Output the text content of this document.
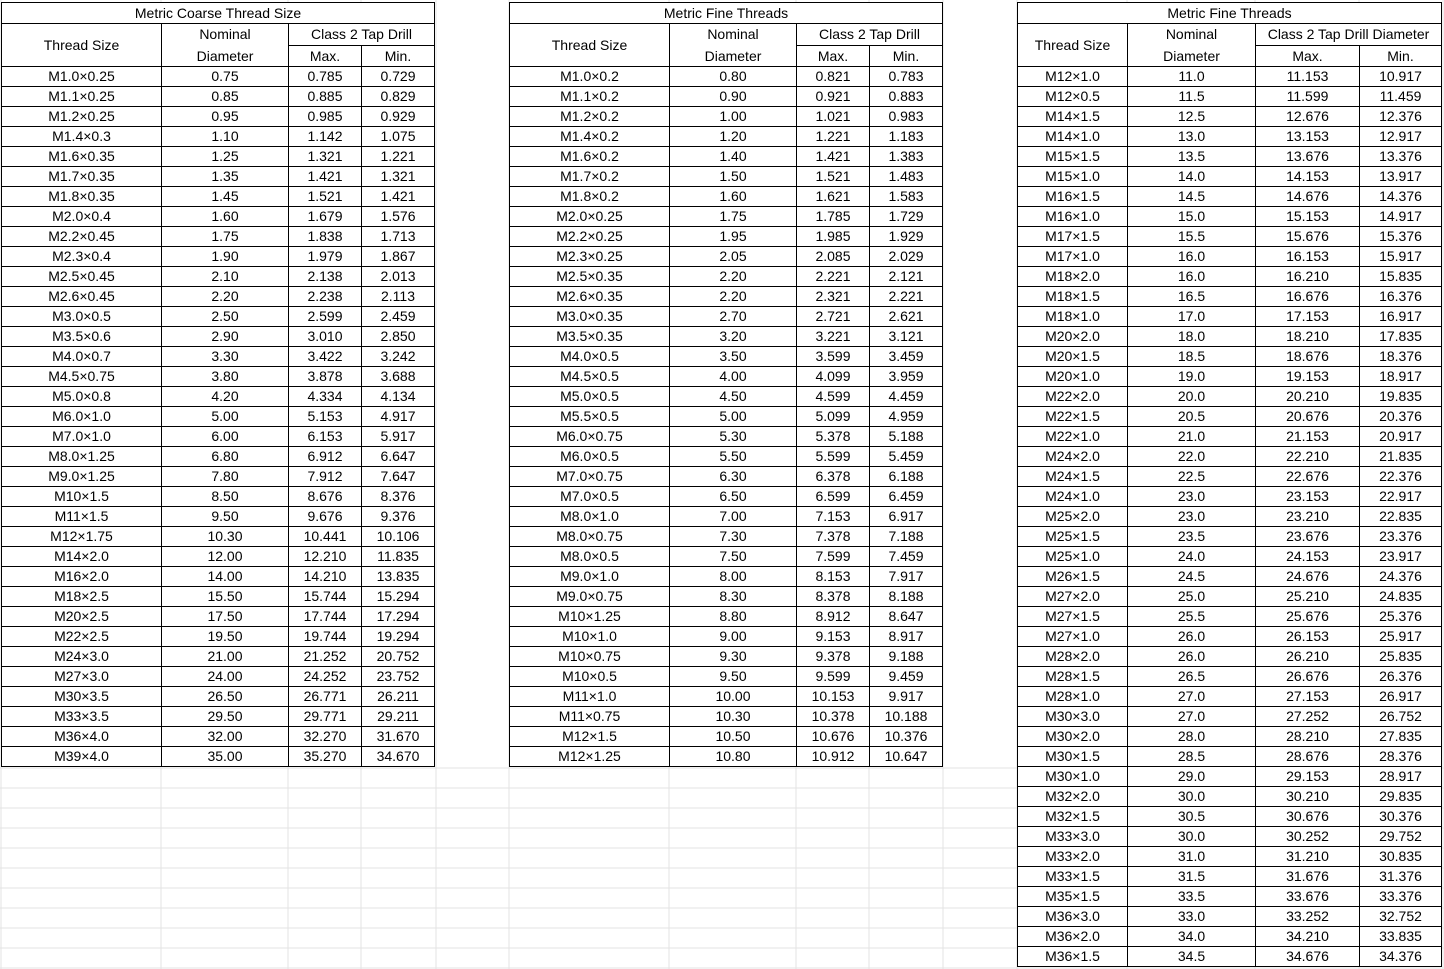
Metric Coarse Thread Size			
Thread Size	Nominal	Class 2 Tap Drill	
	Diameter	Max.	Min.
M1.0×0.25	0.75	0.785	0.729
M1.1×0.25	0.85	0.885	0.829
M1.2×0.25	0.95	0.985	0.929
M1.4×0.3	1.10	1.142	1.075
M1.6×0.35	1.25	1.321	1.221
M1.7×0.35	1.35	1.421	1.321
M1.8×0.35	1.45	1.521	1.421
M2.0×0.4	1.60	1.679	1.576
M2.2×0.45	1.75	1.838	1.713
M2.3×0.4	1.90	1.979	1.867
M2.5×0.45	2.10	2.138	2.013
M2.6×0.45	2.20	2.238	2.113
M3.0×0.5	2.50	2.599	2.459
M3.5×0.6	2.90	3.010	2.850
M4.0×0.7	3.30	3.422	3.242
M4.5×0.75	3.80	3.878	3.688
M5.0×0.8	4.20	4.334	4.134
M6.0×1.0	5.00	5.153	4.917
M7.0×1.0	6.00	6.153	5.917
M8.0×1.25	6.80	6.912	6.647
M9.0×1.25	7.80	7.912	7.647
M10×1.5	8.50	8.676	8.376
M11×1.5	9.50	9.676	9.376
M12×1.75	10.30	10.441	10.106
M14×2.0	12.00	12.210	11.835
M16×2.0	14.00	14.210	13.835
M18×2.5	15.50	15.744	15.294
M20×2.5	17.50	17.744	17.294
M22×2.5	19.50	19.744	19.294
M24×3.0	21.00	21.252	20.752
M27×3.0	24.00	24.252	23.752
M30×3.5	26.50	26.771	26.211
M33×3.5	29.50	29.771	29.211
M36×4.0	32.00	32.270	31.670
M39×4.0	35.00	35.270	34.670
Metric Fine Threads			
Thread Size	Nominal	Class 2 Tap Drill	
	Diameter	Max.	Min.
M1.0×0.2	0.80	0.821	0.783
M1.1×0.2	0.90	0.921	0.883
M1.2×0.2	1.00	1.021	0.983
M1.4×0.2	1.20	1.221	1.183
M1.6×0.2	1.40	1.421	1.383
M1.7×0.2	1.50	1.521	1.483
M1.8×0.2	1.60	1.621	1.583
M2.0×0.25	1.75	1.785	1.729
M2.2×0.25	1.95	1.985	1.929
M2.3×0.25	2.05	2.085	2.029
M2.5×0.35	2.20	2.221	2.121
M2.6×0.35	2.20	2.321	2.221
M3.0×0.35	2.70	2.721	2.621
M3.5×0.35	3.20	3.221	3.121
M4.0×0.5	3.50	3.599	3.459
M4.5×0.5	4.00	4.099	3.959
M5.0×0.5	4.50	4.599	4.459
M5.5×0.5	5.00	5.099	4.959
M6.0×0.75	5.30	5.378	5.188
M6.0×0.5	5.50	5.599	5.459
M7.0×0.75	6.30	6.378	6.188
M7.0×0.5	6.50	6.599	6.459
M8.0×1.0	7.00	7.153	6.917
M8.0×0.75	7.30	7.378	7.188
M8.0×0.5	7.50	7.599	7.459
M9.0×1.0	8.00	8.153	7.917
M9.0×0.75	8.30	8.378	8.188
M10×1.25	8.80	8.912	8.647
M10×1.0	9.00	9.153	8.917
M10×0.75	9.30	9.378	9.188
M10×0.5	9.50	9.599	9.459
M11×1.0	10.00	10.153	9.917
M11×0.75	10.30	10.378	10.188
M12×1.5	10.50	10.676	10.376
M12×1.25	10.80	10.912	10.647
Metric Fine Threads			
Thread Size	Nominal	Class 2 Tap Drill Diameter	
	Diameter	Max.	Min.
M12×1.0	11.0	11.153	10.917
M12×0.5	11.5	11.599	11.459
M14×1.5	12.5	12.676	12.376
M14×1.0	13.0	13.153	12.917
M15×1.5	13.5	13.676	13.376
M15×1.0	14.0	14.153	13.917
M16×1.5	14.5	14.676	14.376
M16×1.0	15.0	15.153	14.917
M17×1.5	15.5	15.676	15.376
M17×1.0	16.0	16.153	15.917
M18×2.0	16.0	16.210	15.835
M18×1.5	16.5	16.676	16.376
M18×1.0	17.0	17.153	16.917
M20×2.0	18.0	18.210	17.835
M20×1.5	18.5	18.676	18.376
M20×1.0	19.0	19.153	18.917
M22×2.0	20.0	20.210	19.835
M22×1.5	20.5	20.676	20.376
M22×1.0	21.0	21.153	20.917
M24×2.0	22.0	22.210	21.835
M24×1.5	22.5	22.676	22.376
M24×1.0	23.0	23.153	22.917
M25×2.0	23.0	23.210	22.835
M25×1.5	23.5	23.676	23.376
M25×1.0	24.0	24.153	23.917
M26×1.5	24.5	24.676	24.376
M27×2.0	25.0	25.210	24.835
M27×1.5	25.5	25.676	25.376
M27×1.0	26.0	26.153	25.917
M28×2.0	26.0	26.210	25.835
M28×1.5	26.5	26.676	26.376
M28×1.0	27.0	27.153	26.917
M30×3.0	27.0	27.252	26.752
M30×2.0	28.0	28.210	27.835
M30×1.5	28.5	28.676	28.376
M30×1.0	29.0	29.153	28.917
M32×2.0	30.0	30.210	29.835
M32×1.5	30.5	30.676	30.376
M33×3.0	30.0	30.252	29.752
M33×2.0	31.0	31.210	30.835
M33×1.5	31.5	31.676	31.376
M35×1.5	33.5	33.676	33.376
M36×3.0	33.0	33.252	32.752
M36×2.0	34.0	34.210	33.835
M36×1.5	34.5	34.676	34.376
